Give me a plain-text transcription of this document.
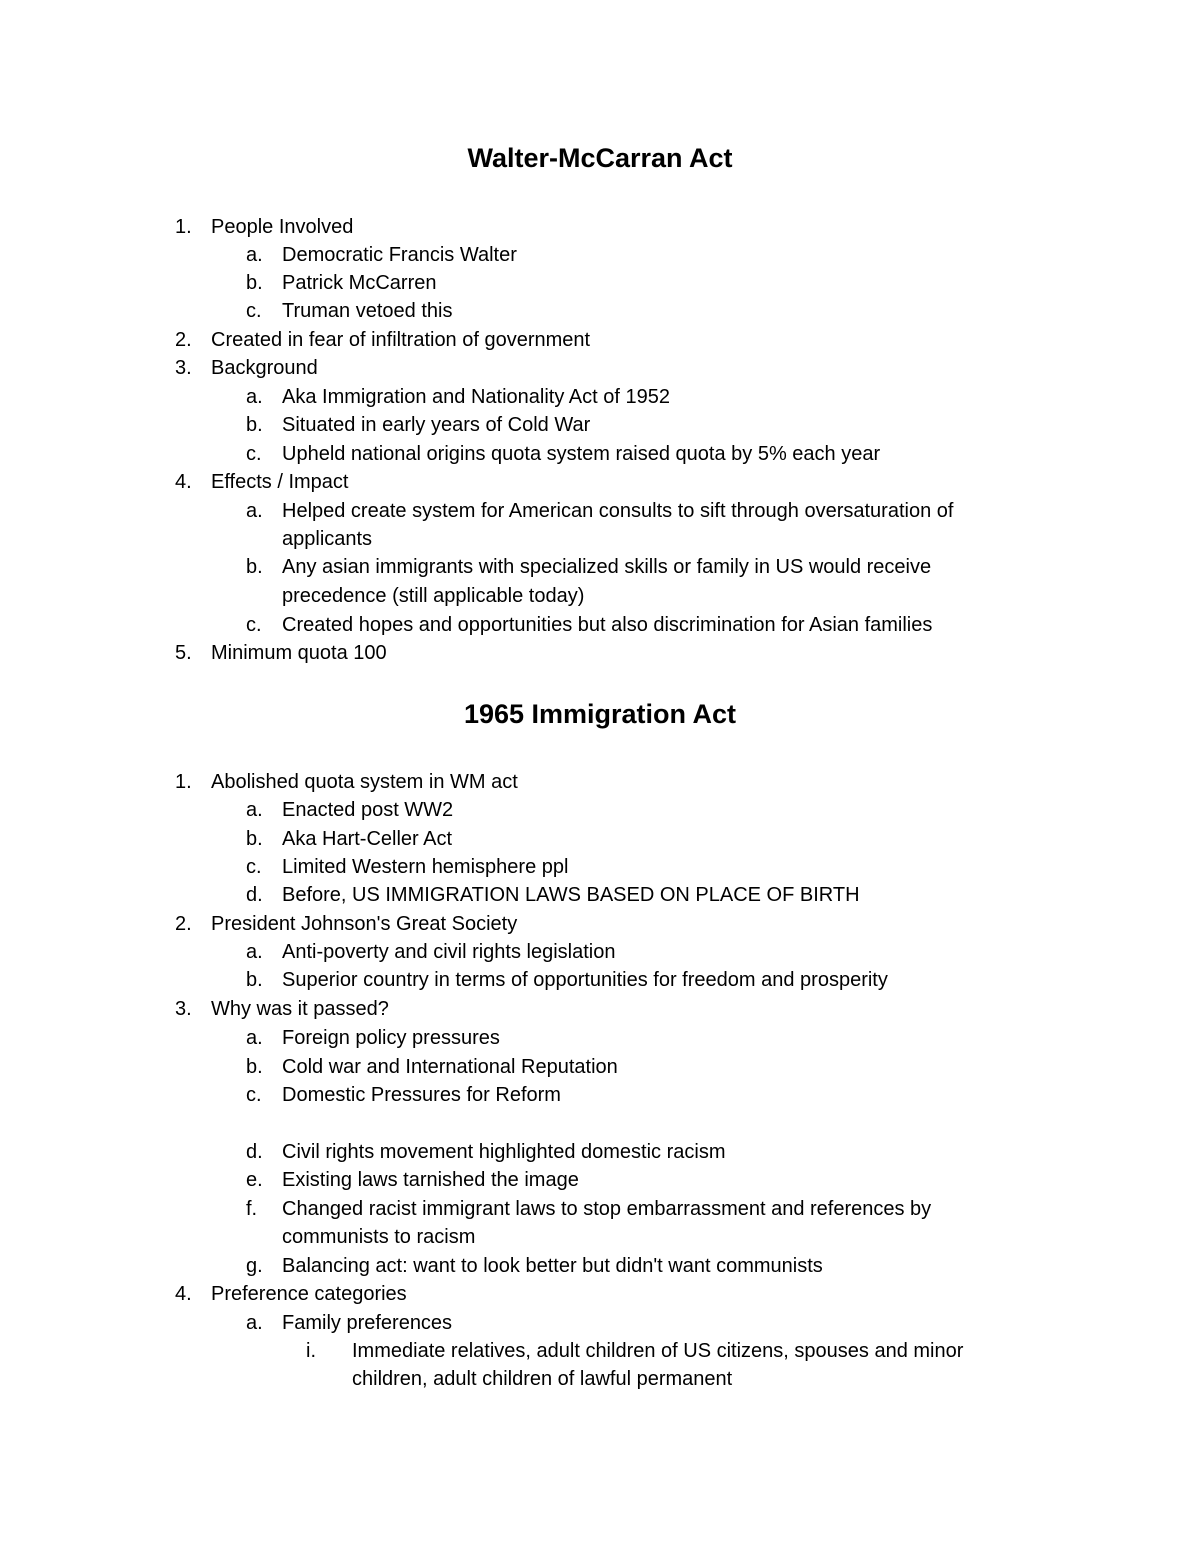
Walter-McCarran Act
1. People Involved
a. Democratic Francis Walter
b. Patrick McCarren
c. Truman vetoed this
2. Created in fear of infiltration of government
3. Background
a. Aka Immigration and Nationality Act of 1952
b. Situated in early years of Cold War
c. Upheld national origins quota system raised quota by 5% each year
4. Effects / Impact
a. Helped create system for American consults to sift through oversaturation of
applicants
b. Any asian immigrants with specialized skills or family in US would receive
precedence (still applicable today)
c. Created hopes and opportunities but also discrimination for Asian families
5. Minimum quota 100
1965 Immigration Act
1. Abolished quota system in WM act
a. Enacted post WW2
b. Aka Hart-Celler Act
c. Limited Western hemisphere ppl
d. Before, US IMMIGRATION LAWS BASED ON PLACE OF BIRTH
2. President Johnson's Great Society
a. Anti-poverty and civil rights legislation
b. Superior country in terms of opportunities for freedom and prosperity
3. Why was it passed?
a. Foreign policy pressures
b. Cold war and International Reputation
c. Domestic Pressures for Reform
d. Civil rights movement highlighted domestic racism
e. Existing laws tarnished the image
f. Changed racist immigrant laws to stop embarrassment and references by
communists to racism
g. Balancing act: want to look better but didn't want communists
4. Preference categories
a. Family preferences
i. Immediate relatives, adult children of US citizens, spouses and minor
children, adult children of lawful permanent
